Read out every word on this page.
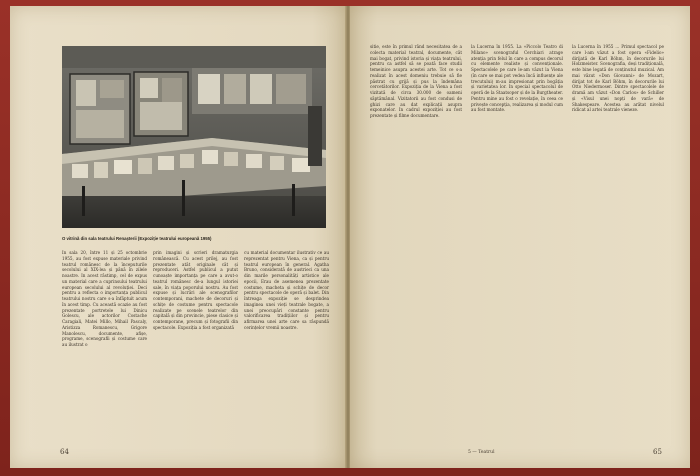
O vitrină din sala teatrului Renașterii (Expoziție teatrului europeană 1955)
In sala 20, între 11 și 25 octombrie 1955, au fost expuse materiale privind teatrul românesc de la începuturile secolului al XIX-lea și până în zilele noastre. In acest răstimp, cel de expus un material care a cuprinsului teatrului european secolului al revoluției. Deci pentru a reflecta o importanța publicul teatrului nostru care s-a înfăptuit acum în acest timp. Cu această ocazie au fost prezentate portretele lui Dinicu Golescu, ale actorilor Costache Caragiali, Matei Millo, Mihail Pascaly, Aristizza Romanescu, Grigore Manolescu, documente, afișe, programe, scenografii și costume care au ilustrat o
prin imagini și scrieri dramaturgia românească. Cu acest prilej, au fost prezentate atât originale cât și reproduceri. Astfel publicul a putut cunoaște importanța pe care a avut-o teatrul românesc de-a lungul istoriei sale, în viața poporului nostru. Au fost expuse și lucrări ale scenografilor contemporani, machete de decoruri și schițe de costume pentru spectacole realizate pe scenele teatrelor din capitală și din provincie, piese clasice și contemporane, precum și fotografii din spectacole. Expoziția a fost organizată
cu material documentar ilustrativ ce au reprezentat pentru Viena, ca și pentru teatrul european în general. Agatha Bruno, considerată de austrieci ca una din marile personalități artistice ale epocii, Erau de asemenea prezentate costume, macheta și schițe de decor pentru spectacole de operă și balet. Din întreaga expoziție se desprindea imaginea unei vieți teatrale bogate, a unei preocupări constante pentru valorificarea tradițiilor și pentru afirmarea unei arte care sa răspundă cerințelor vremii noastre.
64
sitie, este în primul rând necesitatea de a colecta material teatral, documente, cât mai bogat, privind istoria și viața teatrului, pentru ca astfel să se poată face studii temeinice asupra acestei arte. Tot ce s-a realizat în acest domeniu trebuie să fie păstrat cu grijă și pus la îndemâna cercetătorilor. Expoziția de la Viena a fost vizitată de circa 30.000 de oameni săptămânal. Vizitatorii au fost condusi de ghizi care au dat explicații asupra exponatelor. In cadrul expoziției au fost prezentate și filme documentare.
la Lucerna în 1955. La «Piccolo Teatro di Milano» scenograful Cerchiari atrage atenția prin felul în care a compus decorul cu elemente realiste și convenționale. Spectacolele pe care le-am văzut la Viena (în care se mai pot vedea încă influențe ale trecutului) m-au impresionat prin bogăția și varietatea lor. In special spectacolul de operă de la Staatsoper și de la Burgtheater. Pentru mine au fost o revelație, în ceea ce privește concepția, realizarea și modul cum au fost montate.
la Lucerna în 1955 ... Primul spectacol pe care l-am văzut a fost opera «Fidelio» dirijată de Karl Böhm, în decorurile lui Holzmeister. Scenografia, deși tradițională, este bine legată de conținutul muzical. Am mai văzut «Don Giovanni» de Mozart, dirijat tot de Karl Böhm, în decorurile lui Otto Niedermoser. Dintre spectacolele de dramă am văzut «Don Carlos» de Schiller și «Visul unei nopți de vară» de Shakespeare. Acestea au arătat nivelul ridicat al artei teatrale vieneze.
5 — Teatrul	65
